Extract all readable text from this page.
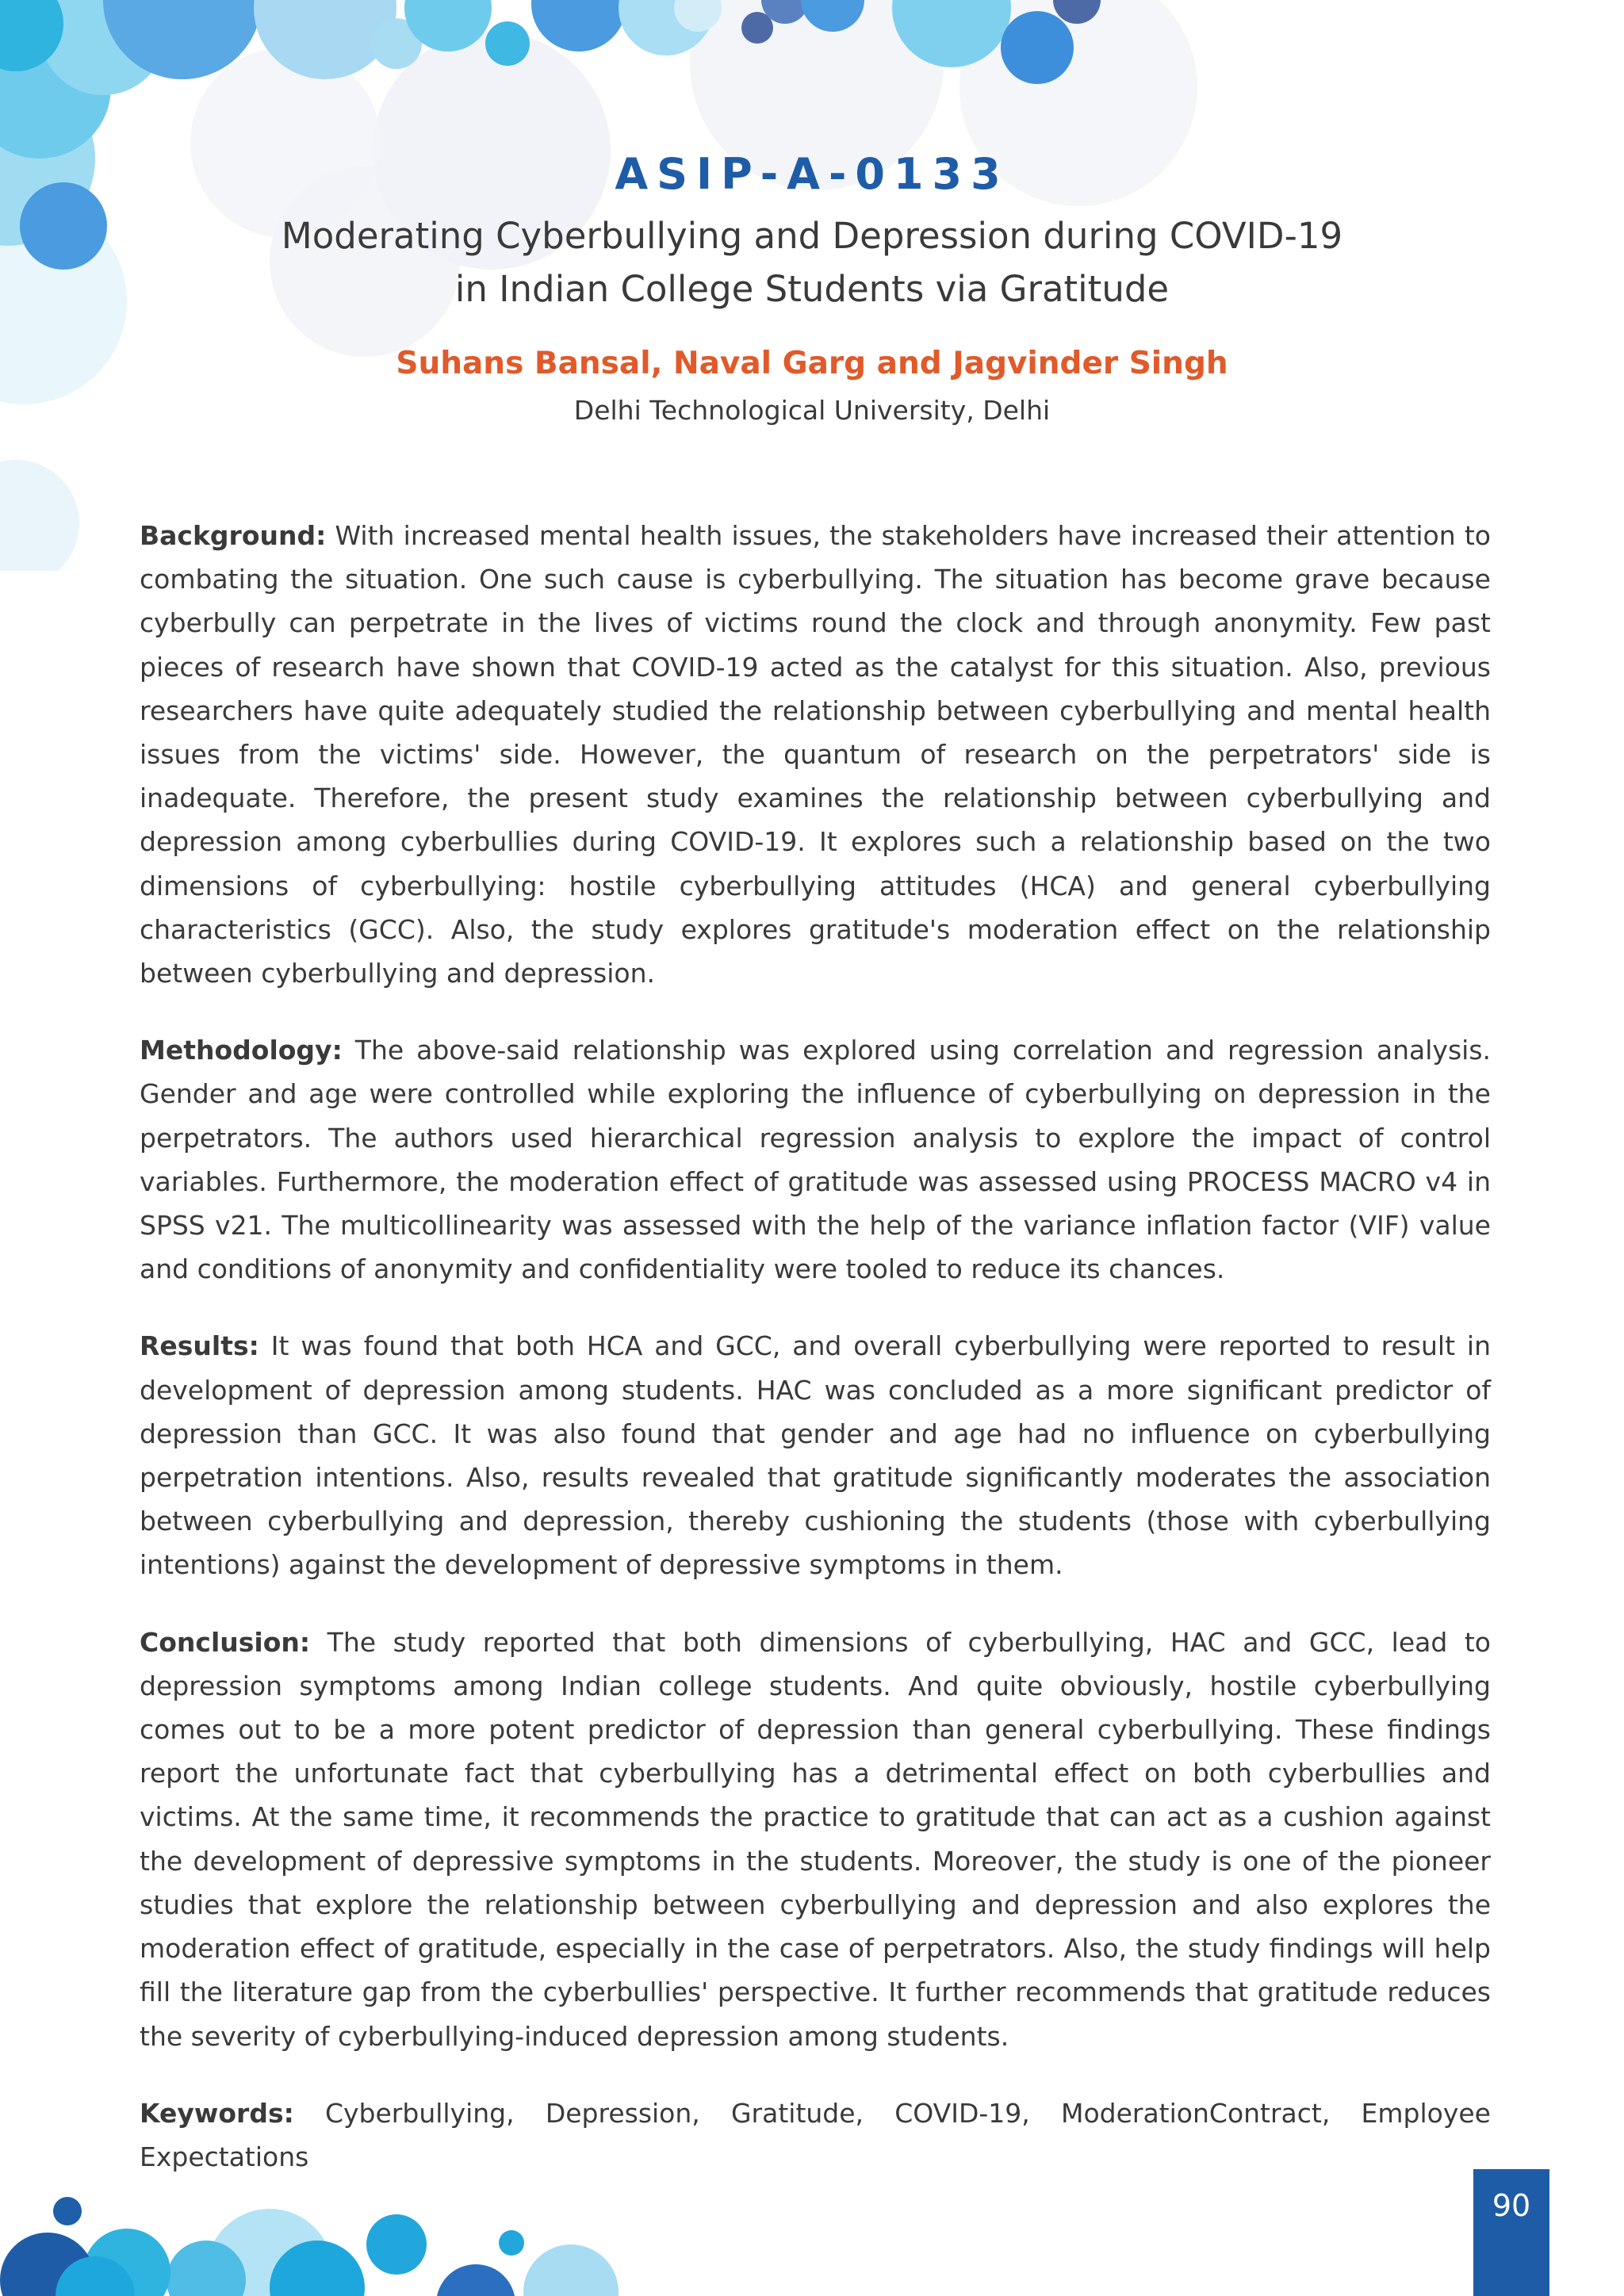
ASIP-A-0133
Moderating Cyberbullying and Depression during COVID-19
in Indian College Students via Gratitude
Suhans Bansal, Naval Garg and Jagvinder Singh
Delhi Technological University, Delhi

Background: With increased mental health issues, the stakeholders have increased their attention to combating the situation. One such cause is cyberbullying. The situation has become grave because cyberbully can perpetrate in the lives of victims round the clock and through anonymity. Few past pieces of research have shown that COVID-19 acted as the catalyst for this situation. Also, previous researchers have quite adequately studied the relationship between cyberbullying and mental health issues from the victims' side. However, the quantum of research on the perpetrators' side is inadequate. Therefore, the present study examines the relationship between cyberbullying and depression among cyberbullies during COVID-19. It explores such a relationship based on the two dimensions of cyberbullying: hostile cyberbullying attitudes (HCA) and general cyberbullying characteristics (GCC). Also, the study explores gratitude's moderation effect on the relationship between cyberbullying and depression.

Methodology: The above-said relationship was explored using correlation and regression analysis. Gender and age were controlled while exploring the influence of cyberbullying on depression in the perpetrators. The authors used hierarchical regression analysis to explore the impact of control variables. Furthermore, the moderation effect of gratitude was assessed using PROCESS MACRO v4 in SPSS v21. The multicollinearity was assessed with the help of the variance inflation factor (VIF) value and conditions of anonymity and confidentiality were tooled to reduce its chances.

Results: It was found that both HCA and GCC, and overall cyberbullying were reported to result in development of depression among students. HAC was concluded as a more significant predictor of depression than GCC. It was also found that gender and age had no influence on cyberbullying perpetration intentions. Also, results revealed that gratitude significantly moderates the association between cyberbullying and depression, thereby cushioning the students (those with cyberbullying intentions) against the development of depressive symptoms in them.

Conclusion: The study reported that both dimensions of cyberbullying, HAC and GCC, lead to depression symptoms among Indian college students. And quite obviously, hostile cyberbullying comes out to be a more potent predictor of depression than general cyberbullying. These findings report the unfortunate fact that cyberbullying has a detrimental effect on both cyberbullies and victims. At the same time, it recommends the practice to gratitude that can act as a cushion against the development of depressive symptoms in the students. Moreover, the study is one of the pioneer studies that explore the relationship between cyberbullying and depression and also explores the moderation effect of gratitude, especially in the case of perpetrators. Also, the study findings will help fill the literature gap from the cyberbullies' perspective. It further recommends that gratitude reduces the severity of cyberbullying-induced depression among students.

Keywords: Cyberbullying, Depression, Gratitude, COVID-19, ModerationContract, Employee Expectations

90
